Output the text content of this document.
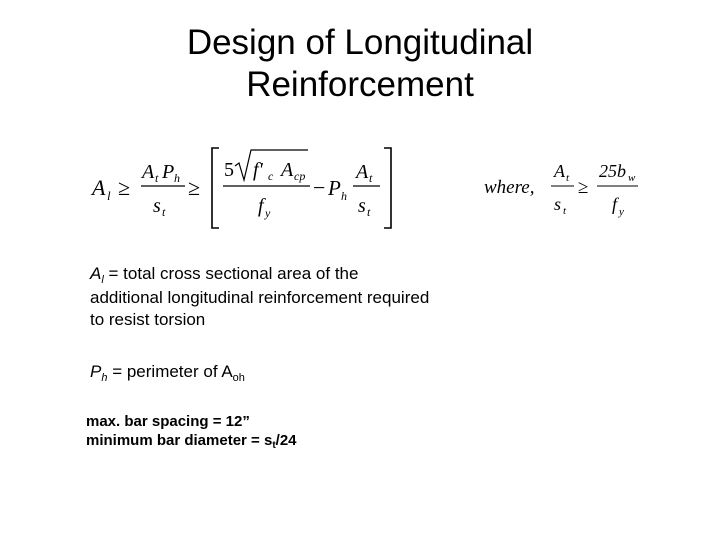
Design of Longitudinal
Reinforcement
A l ≥
A t P h
s t
≥
5 f' c A cp
f y
− P h
A t
s t
where,
A t
s t
≥
25b w
f y
$A_l$ = total cross sectional area of the additional longitudinal reinforcement required to resist torsion
$P_h$ = perimeter of $A_{oh}$
max. bar spacing = 12”
minimum bar diameter = $s_t/24$
